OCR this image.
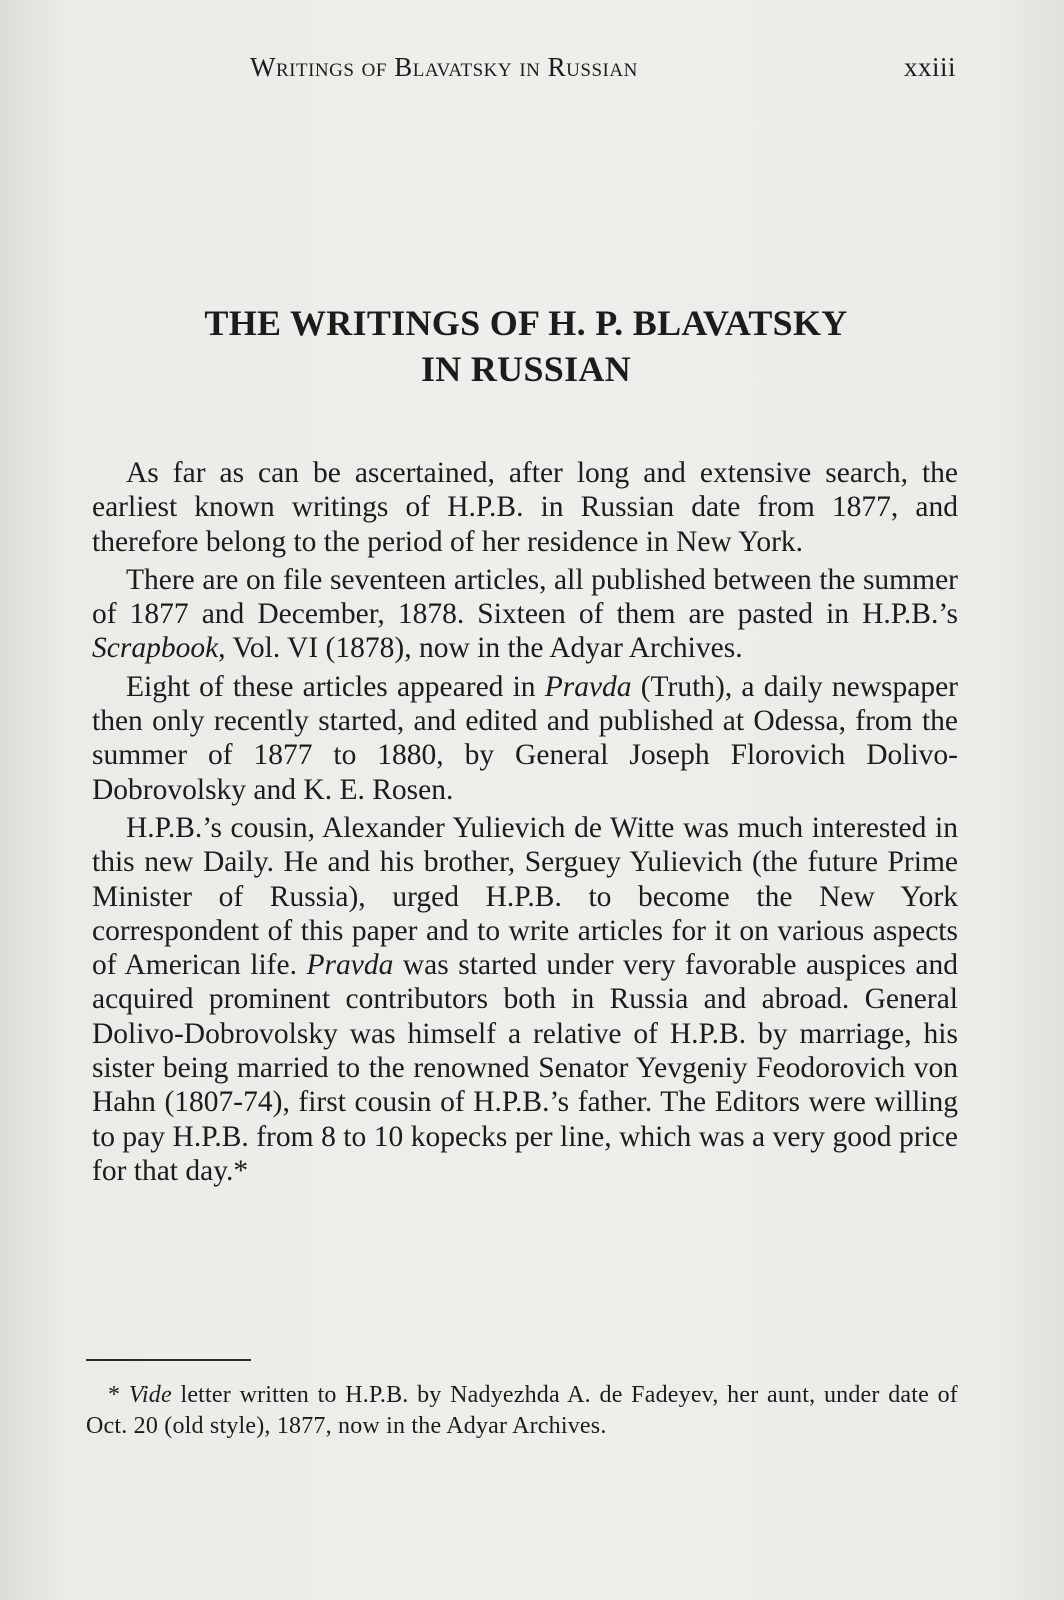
Writings of Blavatsky in Russian	xxiii
THE WRITINGS OF H. P. BLAVATSKY
IN RUSSIAN

As far as can be ascertained, after long and extensive search, the earliest known writings of H.P.B. in Russian date from 1877, and therefore belong to the period of her residence in New York.

There are on file seventeen articles, all published between the summer of 1877 and December, 1878. Sixteen of them are pasted in H.P.B.’s Scrapbook, Vol. VI (1878), now in the Adyar Archives.

Eight of these articles appeared in Pravda (Truth), a daily newspaper then only recently started, and edited and published at Odessa, from the summer of 1877 to 1880, by General Joseph Florovich Dolivo-Dobrovolsky and K. E. Rosen.

H.P.B.’s cousin, Alexander Yulievich de Witte was much interested in this new Daily. He and his brother, Serguey Yulievich (the future Prime Minister of Russia), urged H.P.B. to become the New York correspondent of this paper and to write articles for it on various aspects of American life. Pravda was started under very favorable auspices and acquired prominent contributors both in Russia and abroad. General Dolivo-Dobrovolsky was himself a relative of H.P.B. by marriage, his sister being married to the renowned Senator Yevgeniy Feodorovich von Hahn (1807-74), first cousin of H.P.B.’s father. The Editors were willing to pay H.P.B. from 8 to 10 kopecks per line, which was a very good price for that day.*

* Vide letter written to H.P.B. by Nadyezhda A. de Fadeyev, her aunt, under date of Oct. 20 (old style), 1877, now in the Adyar Archives.
